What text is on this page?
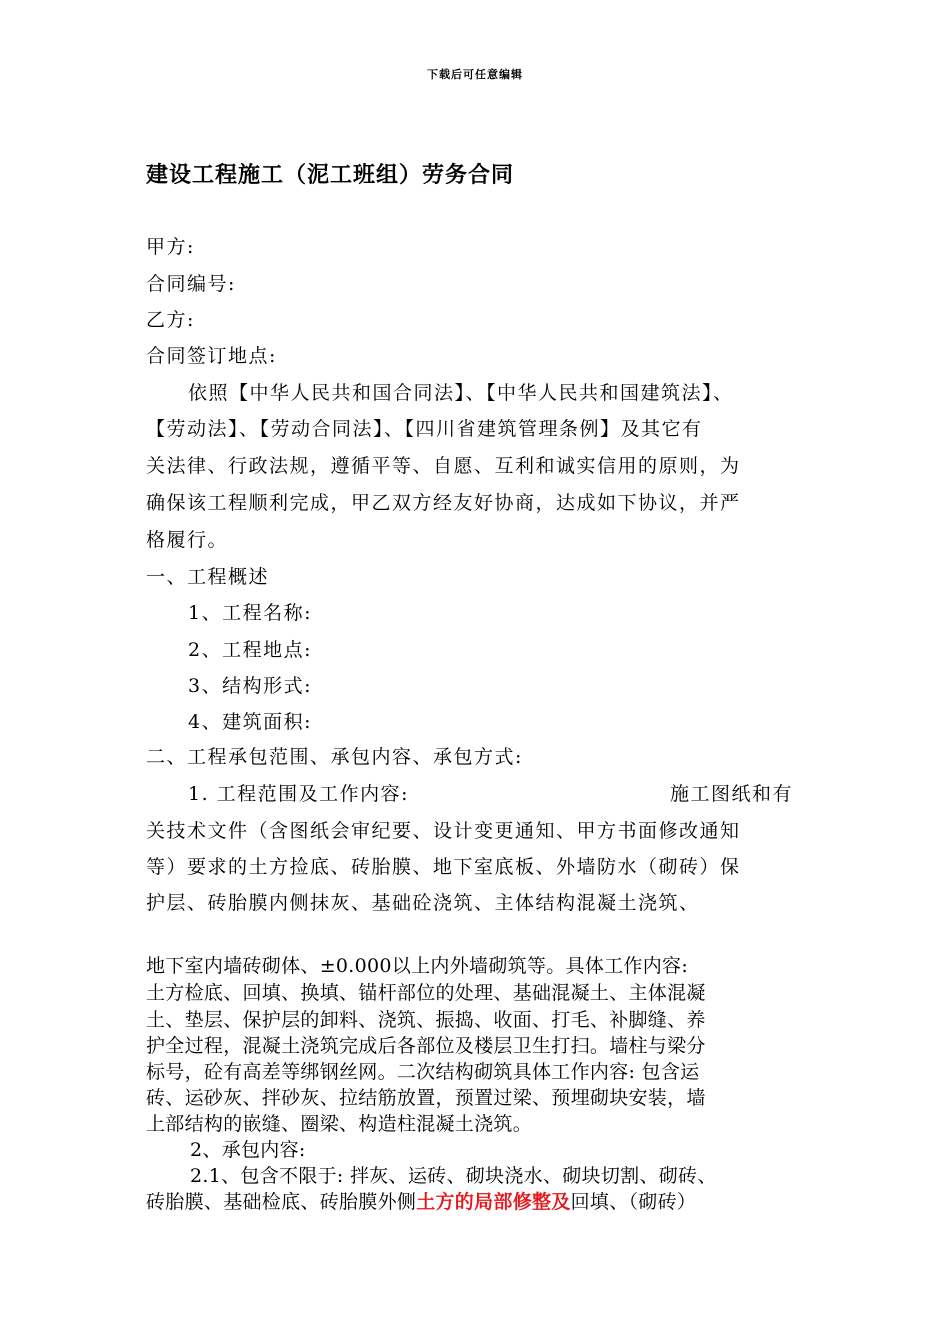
下载后可任意编辑
建设工程施工（泥工班组）劳务合同
甲方:
合同编号:
乙方:
合同签订地点:
依照【中华人民共和国合同法】、【中华人民共和国建筑法】、
【劳动法】、【劳动合同法】、【四川省建筑管理条例】及其它有
关法律、行政法规，遵循平等、自愿、互利和诚实信用的原则，为
确保该工程顺利完成，甲乙双方经友好协商，达成如下协议，并严
格履行。
一、工程概述
1、工程名称:
2、工程地点:
3、结构形式:
4、建筑面积:
二、工程承包范围、承包内容、承包方式:
1. 工程范围及工作内容:	施工图纸和有
关技术文件（含图纸会审纪要、设计变更通知、甲方书面修改通知
等）要求的土方捡底、砖胎膜、地下室底板、外墙防水（砌砖）保
护层、砖胎膜内侧抹灰、基础砼浇筑、主体结构混凝土浇筑、
地下室内墙砖砌体、±0.000以上内外墙砌筑等。具体工作内容:
土方检底、回填、换填、锚杆部位的处理、基础混凝土、主体混凝
土、垫层、保护层的卸料、浇筑、振捣、收面、打毛、补脚缝、养
护全过程，混凝土浇筑完成后各部位及楼层卫生打扫。墙柱与梁分
标号，砼有高差等绑钢丝网。二次结构砌筑具体工作内容: 包含运
砖、运砂灰、拌砂灰、拉结筋放置，预置过梁、预埋砌块安装，墙
上部结构的嵌缝、圈梁、构造柱混凝土浇筑。
2、承包内容:
2.1、包含不限于: 拌灰、运砖、砌块浇水、砌块切割、砌砖、
砖胎膜、基础检底、砖胎膜外侧土方的局部修整及回填、（砌砖）
